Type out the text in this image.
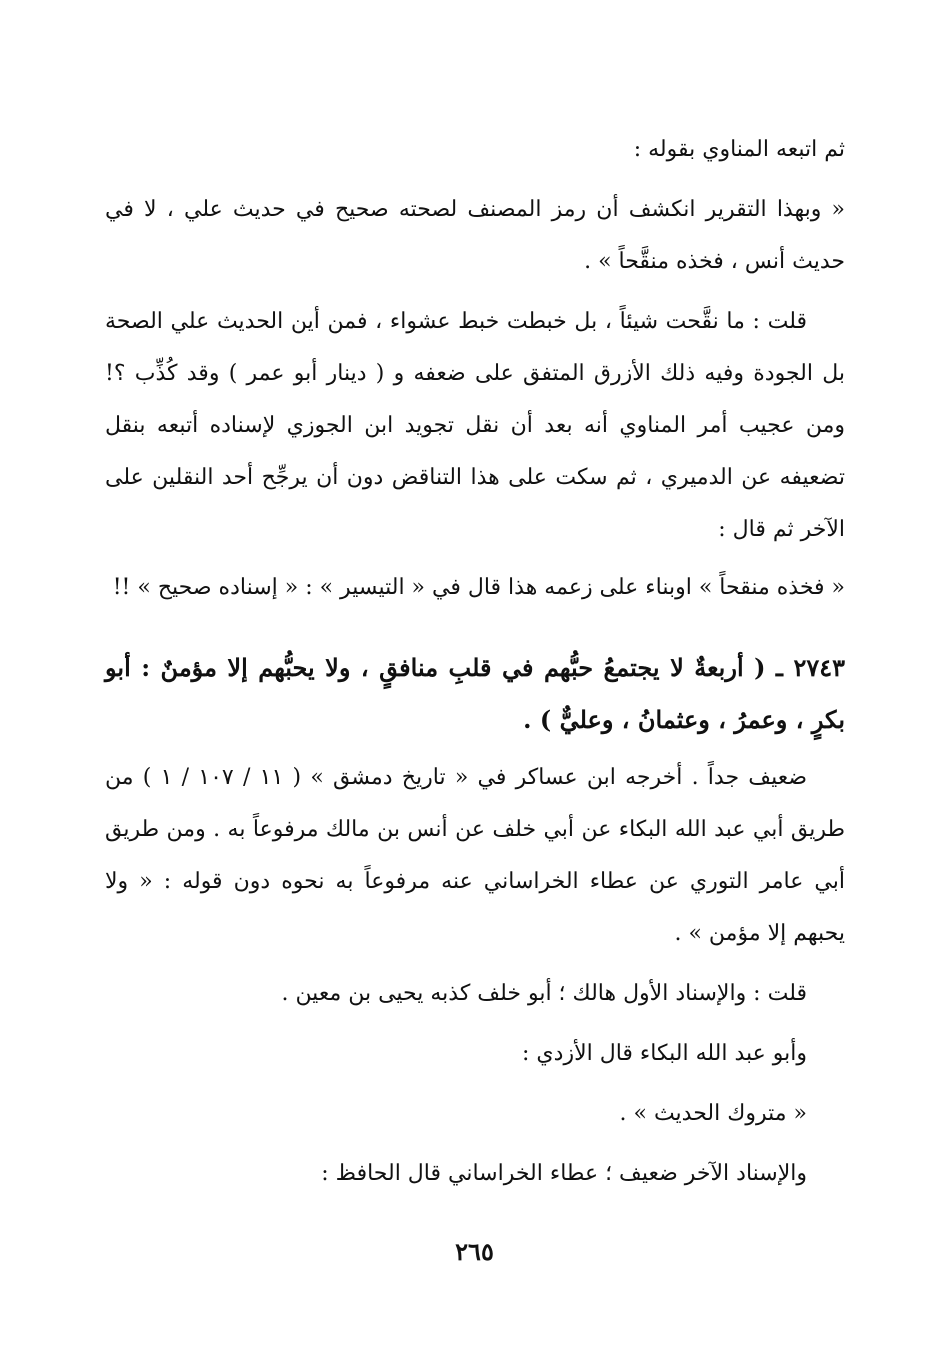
ثم اتبعه المناوي بقوله :

« وبهذا التقرير انكشف أن رمز المصنف لصحته صحيح في حديث علي ، لا في حديث أنس ، فخذه منقَّحاً » .

قلت : ما نقَّحت شيئاً ، بل خبطت خبط عشواء ، فمن أين الحديث علي الصحة بل الجودة وفيه ذلك الأزرق المتفق على ضعفه و ( دينار أبو عمر ) وقد كُذِّب ؟! ومن عجيب أمر المناوي أنه بعد أن نقل تجويد ابن الجوزي لإسناده أتبعه بنقل تضعيفه عن الدميري ، ثم سكت على هذا التناقض دون أن يرجِّح أحد النقلين على الآخر ثم قال :

« فخذه منقحاً » اوبناء على زعمه هذا قال في « التيسير » : « إسناده صحيح » !!

٢٧٤٣ ـ ( أربعةٌ لا يجتمعُ حبُّهم في قلبِ منافقٍ ، ولا يحبُّهم إلا مؤمنٌ : أبو بكرٍ ، وعمرُ ، وعثمانُ ، وعليٌّ ) .

ضعيف جداً . أخرجه ابن عساكر في « تاريخ دمشق » ( ١١ / ١٠٧ / ١ ) من طريق أبي عبد الله البكاء عن أبي خلف عن أنس بن مالك مرفوعاً به . ومن طريق أبي عامر التوري عن عطاء الخراساني عنه مرفوعاً به نحوه دون قوله : « ولا يحبهم إلا مؤمن » .

قلت : والإسناد الأول هالك ؛ أبو خلف كذبه يحيى بن معين .

وأبو عبد الله البكاء قال الأزدي :

« متروك الحديث » .

والإسناد الآخر ضعيف ؛ عطاء الخراساني قال الحافظ :

٢٦٥
